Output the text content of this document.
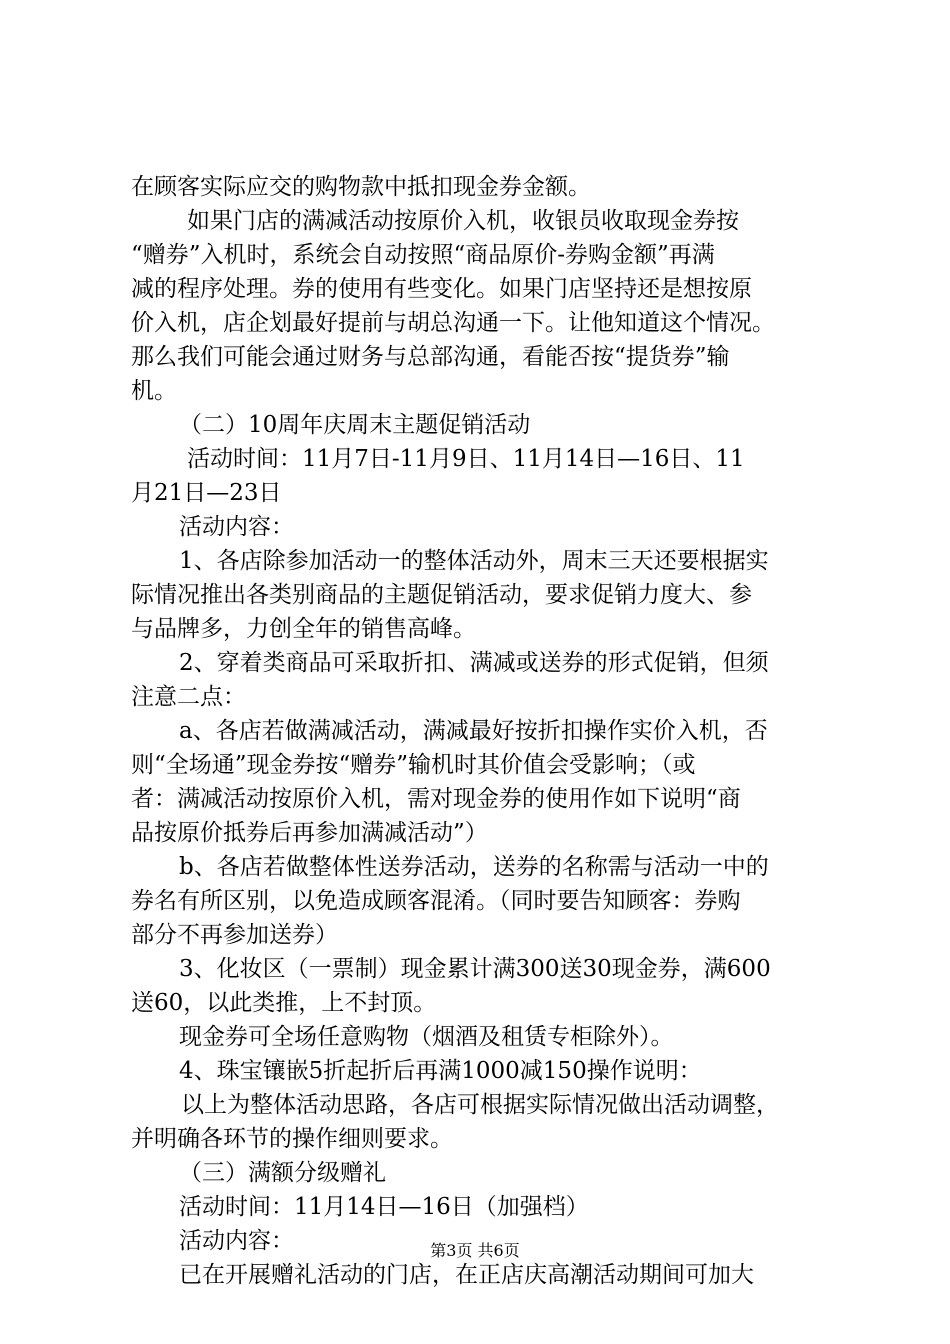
在顾客实际应交的购物款中抵扣现金券金额。
如果门店的满减活动按原价入机，收银员收取现金券按
“赠券”入机时，系统会自动按照“商品原价-券购金额”再满
减的程序处理。券的使用有些变化。如果门店坚持还是想按原
价入机，店企划最好提前与胡总沟通一下。让他知道这个情况。
那么我们可能会通过财务与总部沟通，看能否按“提货券”输
机。
（二）10周年庆周末主题促销活动
活动时间：11月7日-11月9日、11月14日—16日、11
月21日—23日
活动内容：
1、各店除参加活动一的整体活动外，周末三天还要根据实
际情况推出各类别商品的主题促销活动，要求促销力度大、参
与品牌多，力创全年的销售高峰。
2、穿着类商品可采取折扣、满减或送券的形式促销，但须
注意二点：
a、各店若做满减活动，满减最好按折扣操作实价入机，否
则“全场通”现金券按“赠券”输机时其价值会受影响；（或
者：满减活动按原价入机，需对现金券的使用作如下说明“商
品按原价抵券后再参加满减活动”）
b、各店若做整体性送券活动，送券的名称需与活动一中的
券名有所区别，以免造成顾客混淆。（同时要告知顾客：券购
部分不再参加送券）
3、化妆区（一票制）现金累计满300送30现金券，满600
送60，以此类推，上不封顶。
现金券可全场任意购物（烟酒及租赁专柜除外）。
4、珠宝镶嵌5折起折后再满1000减150操作说明：
以上为整体活动思路，各店可根据实际情况做出活动调整，
并明确各环节的操作细则要求。
（三）满额分级赠礼
活动时间：11月14日—16日（加强档）
活动内容：
已在开展赠礼活动的门店，在正店庆高潮活动期间可加大
第3页 共6页
